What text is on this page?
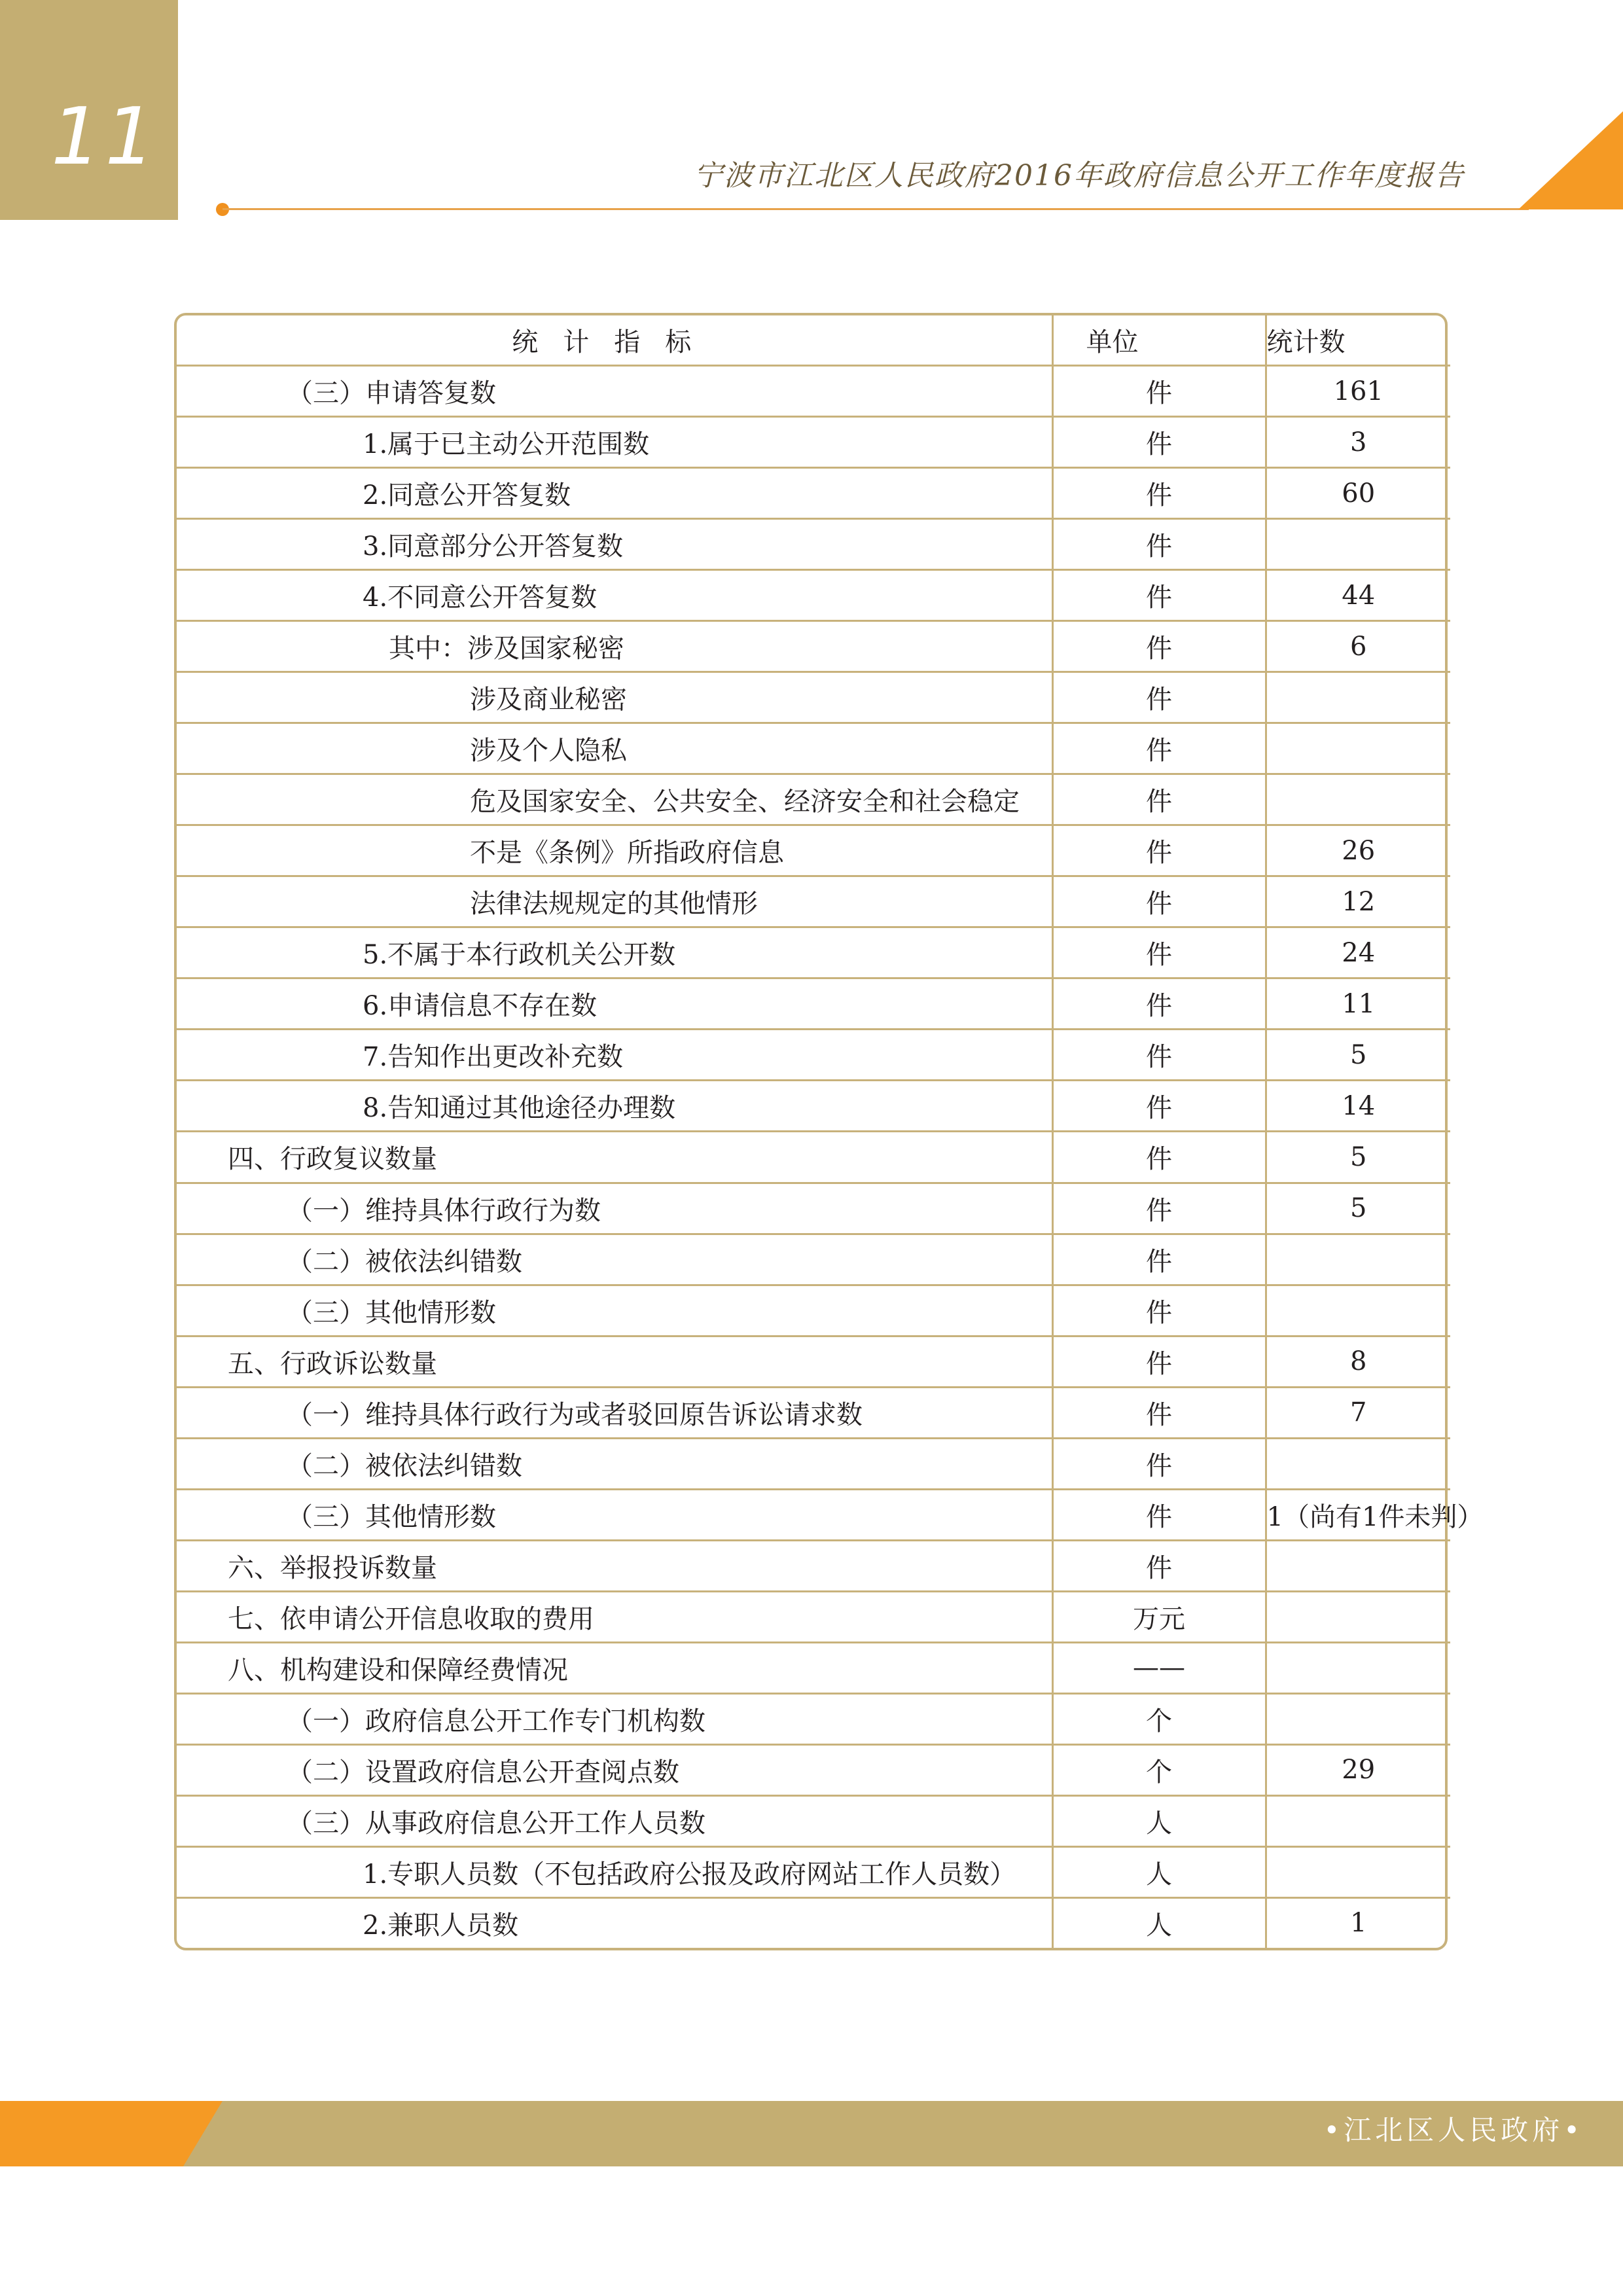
11	宁波市江北区人民政府2016年政府信息公开工作年度报告
统计指标	单位	统计数
（三）申请答复数	件	161
1.属于已主动公开范围数	件	3
2.同意公开答复数	件	60
3.同意部分公开答复数	件	
4.不同意公开答复数	件	44
其中：涉及国家秘密	件	6
涉及商业秘密	件	
涉及个人隐私	件	
危及国家安全、公共安全、经济安全和社会稳定	件	
不是《条例》所指政府信息	件	26
法律法规规定的其他情形	件	12
5.不属于本行政机关公开数	件	24
6.申请信息不存在数	件	11
7.告知作出更改补充数	件	5
8.告知通过其他途径办理数	件	14
四、行政复议数量	件	5
（一）维持具体行政行为数	件	5
（二）被依法纠错数	件	
（三）其他情形数	件	
五、行政诉讼数量	件	8
（一）维持具体行政行为或者驳回原告诉讼请求数	件	7
（二）被依法纠错数	件	
（三）其他情形数	件	1（尚有1件未判）
六、举报投诉数量	件	
七、依申请公开信息收取的费用	万元	
八、机构建设和保障经费情况	——	
（一）政府信息公开工作专门机构数	个	
（二）设置政府信息公开查阅点数	个	29
（三）从事政府信息公开工作人员数	人	
1.专职人员数（不包括政府公报及政府网站工作人员数）	人	
2.兼职人员数	人	1
•江北区人民政府•
